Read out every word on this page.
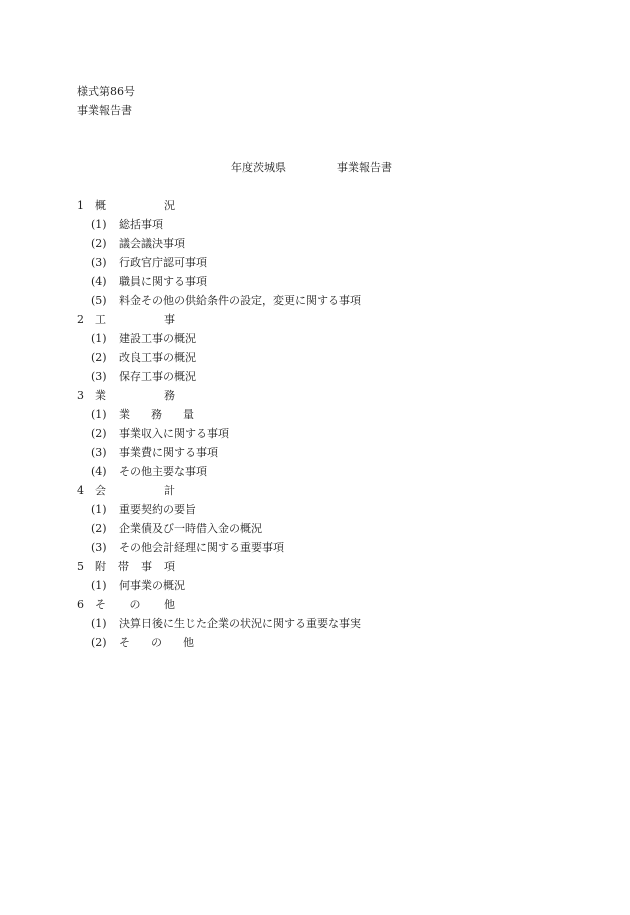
様式第86号
事業報告書
年度茨城県	事業報告書
1 概	況
(1) 総括事項
(2) 議会議決事項
(3) 行政官庁認可事項
(4) 職員に関する事項
(5) 料金その他の供給条件の設定，変更に関する事項
2 工	事
(1) 建設工事の概況
(2) 改良工事の概況
(3) 保存工事の概況
3 業	務
(1) 業 務 量
(2) 事業収入に関する事項
(3) 事業費に関する事項
(4) その他主要な事項
4 会	計
(1) 重要契約の要旨
(2) 企業債及び一時借入金の概況
(3) その他会計経理に関する重要事項
5 附 帯 事 項
(1) 何事業の概況
6 そ の 他
(1) 決算日後に生じた企業の状況に関する重要な事実
(2) そ の 他
